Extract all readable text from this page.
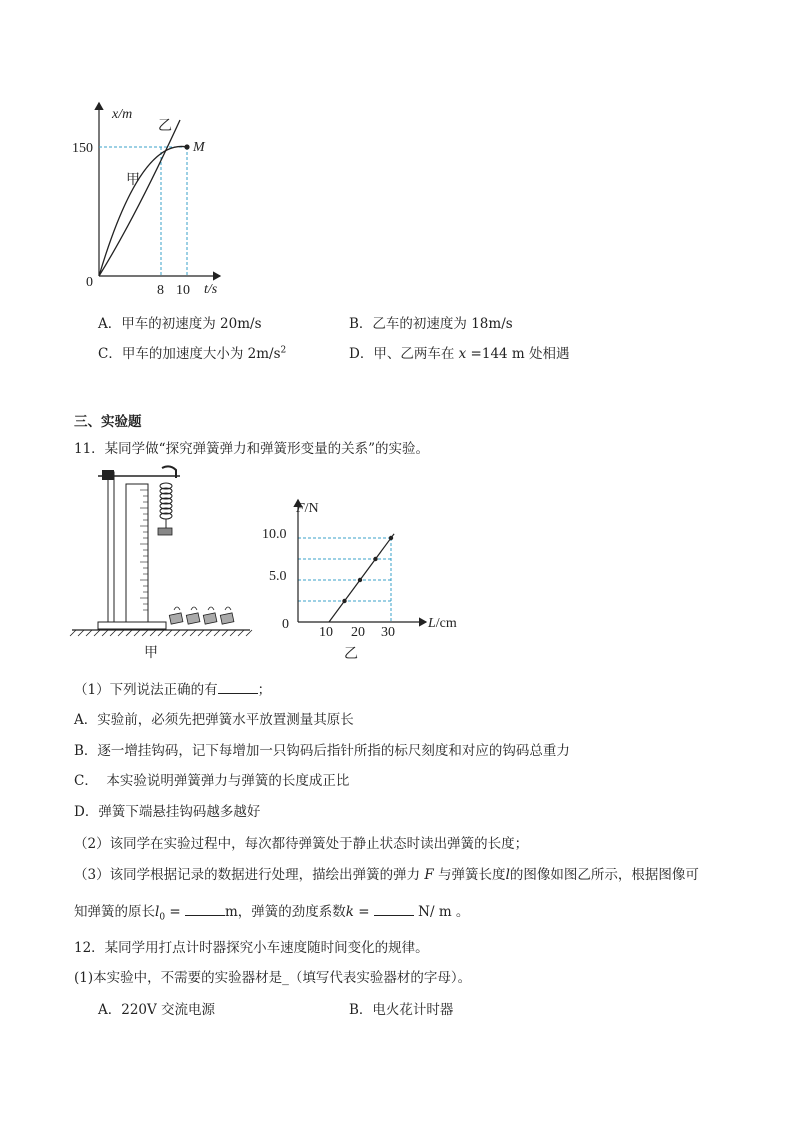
x/m
t/s
0
150
8 10
甲
乙
M
A．甲车的初速度为 20m/s	B．乙车的初速度为 18m/s
C．甲车的加速度大小为 $2m/s^2$	D．甲、乙两车在 x =144 m 处相遇
三、实验题
11．某同学做“探究弹簧弹力和弹簧形变量的关系”的实验。
甲
F/N
L/cm
0
5.0
10.0
10 20 30
乙
（1）下列说法正确的有	；
A．实验前，必须先把弹簧水平放置测量其原长
B．逐一增挂钩码，记下每增加一只钩码后指针所指的标尺刻度和对应的钩码总重力
C．  本实验说明弹簧弹力与弹簧的长度成正比
D．弹簧下端悬挂钩码越多越好
（2）该同学在实验过程中，每次都待弹簧处于静止状态时读出弹簧的长度；
（3）该同学根据记录的数据进行处理，描绘出弹簧的弹力 F 与弹簧长度l的图像如图乙所示，根据图像可
知弹簧的原长$l_0$ =	m，弹簧的劲度系数k =	N/ m 。
12．某同学用打点计时器探究小车速度随时间变化的规律。
(1)本实验中，不需要的实验器材是_（填写代表实验器材的字母）。
A．220V 交流电源	B．电火花计时器
